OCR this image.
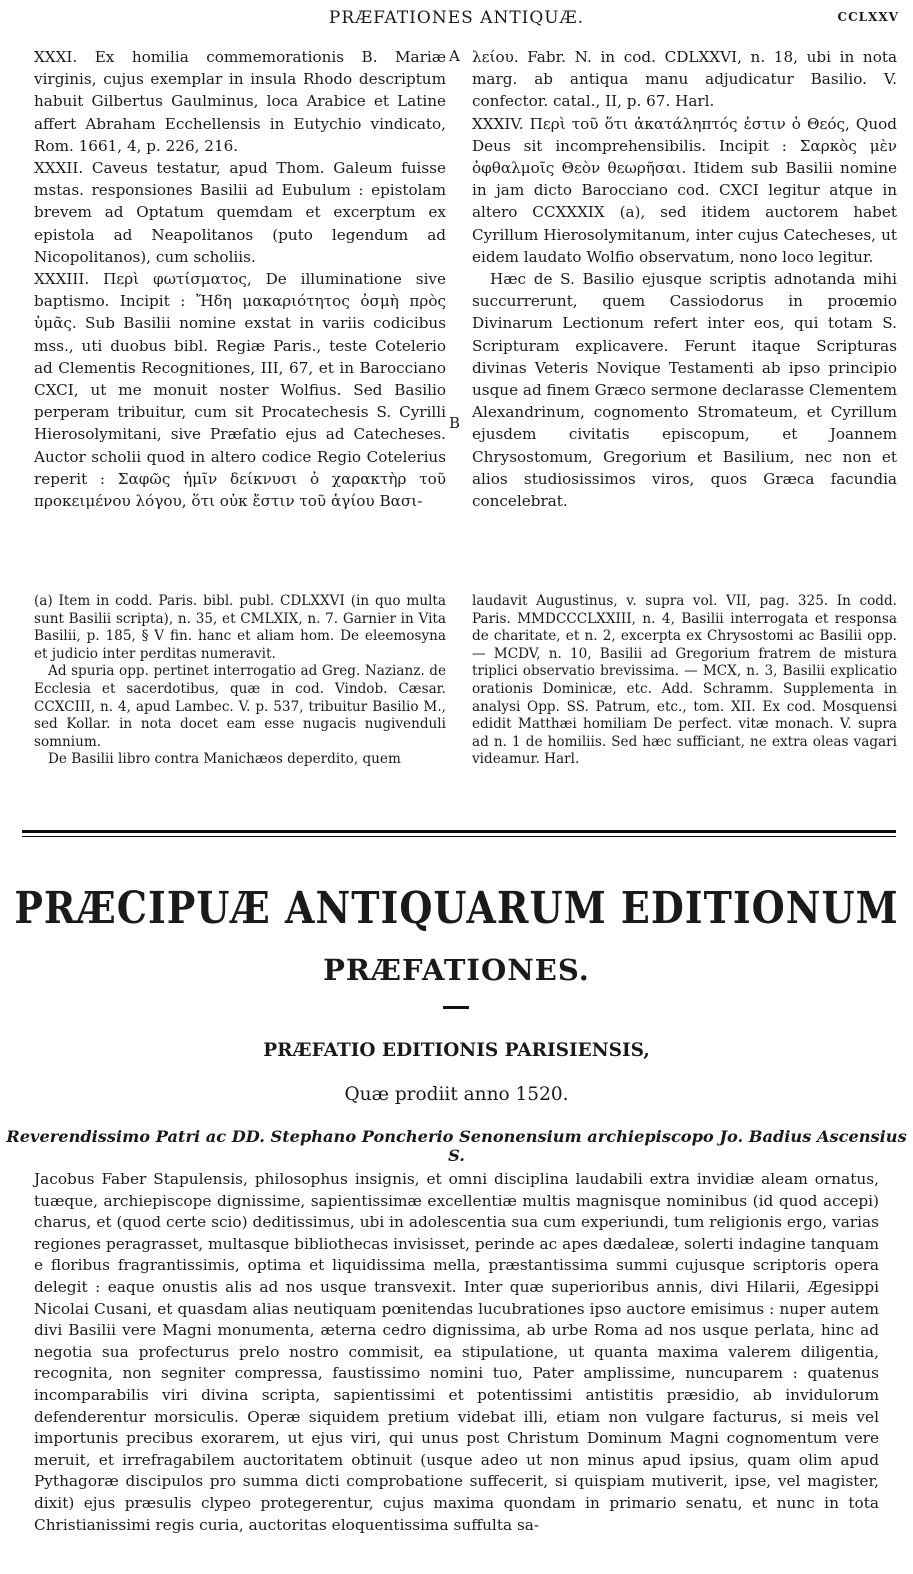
PRÆFATIONES ANTIQUÆ.	CCLXXV
A
B

XXXI. Ex homilia commemorationis B. Mariæ virginis, cujus exemplar in insula Rhodo descriptum habuit Gilbertus Gaulminus, loca Arabice et Latine affert Abraham Ecchellensis in Eutychio vindicato, Rom. 1661, 4, p. 226, 216.

XXXII. Caveus testatur, apud Thom. Galeum fuisse mstas. responsiones Basilii ad Eubulum : epistolam brevem ad Optatum quemdam et excerptum ex epistola ad Neapolitanos (puto legendum ad Nicopolitanos), cum scholiis.

XXXIII. Περὶ φωτίσματος, De illuminatione sive baptismo. Incipit : Ἤδη μακαριότητος ὀσμὴ πρὸς ὑμᾶς. Sub Basilii nomine exstat in variis codicibus mss., uti duobus bibl. Regiæ Paris., teste Cotelerio ad Clementis Recognitiones, III, 67, et in Barocciano CXCI, ut me monuit noster Wolfius. Sed Basilio perperam tribuitur, cum sit Procatechesis S. Cyrilli Hierosolymitani, sive Præfatio ejus ad Catecheses. Auctor scholii quod in altero codice Regio Cotelerius reperit : Σαφῶς ἡμῖν δείκνυσι ὁ χαρακτὴρ τοῦ προκειμένου λόγου, ὅτι οὐκ ἔστιν τοῦ ἁγίου Βασι-

λείου. Fabr. N. in cod. CDLXXVI, n. 18, ubi in nota marg. ab antiqua manu adjudicatur Basilio. V. confector. catal., II, p. 67. Harl.

XXXIV. Περὶ τοῦ ὅτι ἀκατάληπτός ἐστιν ὁ Θεός, Quod Deus sit incomprehensibilis. Incipit : Σαρκὸς μὲν ὀφθαλμοῖς Θεὸν θεωρῆσαι. Itidem sub Basilii nomine in jam dicto Barocciano cod. CXCI legitur atque in altero CCXXXIX (a), sed itidem auctorem habet Cyrillum Hierosolymitanum, inter cujus Catecheses, ut eidem laudato Wolfio observatum, nono loco legitur.

Hæc de S. Basilio ejusque scriptis adnotanda mihi succurrerunt, quem Cassiodorus in proœmio Divinarum Lectionum refert inter eos, qui totam S. Scripturam explicavere. Ferunt itaque Scripturas divinas Veteris Novique Testamenti ab ipso principio usque ad finem Græco sermone declarasse Clementem Alexandrinum, cognomento Stromateum, et Cyrillum ejusdem civitatis episcopum, et Joannem Chrysostomum, Gregorium et Basilium, nec non et alios studiosissimos viros, quos Græca facundia concelebrat.

(a) Item in codd. Paris. bibl. publ. CDLXXVI (in quo multa sunt Basilii scripta), n. 35, et CMLXIX, n. 7. Garnier in Vita Basilii, p. 185, § V fin. hanc et aliam hom. De eleemosyna et judicio inter perditas numeravit.

Ad spuria opp. pertinet interrogatio ad Greg. Nazianz. de Ecclesia et sacerdotibus, quæ in cod. Vindob. Cæsar. CCXCIII, n. 4, apud Lambec. V. p. 537, tribuitur Basilio M., sed Kollar. in nota docet eam esse nugacis nugivenduli somnium.

De Basilii libro contra Manichæos deperdito, quem

laudavit Augustinus, v. supra vol. VII, pag. 325. In codd. Paris. MMDCCCLXXIII, n. 4, Basilii interrogata et responsa de charitate, et n. 2, excerpta ex Chrysostomi ac Basilii opp. — MCDV, n. 10, Basilii ad Gregorium fratrem de mistura triplici observatio brevissima. — MCX, n. 3, Basilii explicatio orationis Dominicæ, etc. Add. Schramm. Supplementa in analysi Opp. SS. Patrum, etc., tom. XII. Ex cod. Mosquensi edidit Matthæi homiliam De perfect. vitæ monach. V. supra ad n. 1 de homiliis. Sed hæc sufficiant, ne extra oleas vagari videamur. Harl.

PRÆCIPUÆ ANTIQUARUM EDITIONUM
PRÆFATIONES.
PRÆFATIO EDITIONIS PARISIENSIS,
Quæ prodiit anno 1520.
Reverendissimo Patri ac DD. Stephano Poncherio Senonensium archiepiscopo Jo. Badius Ascensius S.

Jacobus Faber Stapulensis, philosophus insignis, et omni disciplina laudabili extra invidiæ aleam ornatus, tuæque, archiepiscope dignissime, sapientissimæ excellentiæ multis magnisque nominibus (id quod accepi) charus, et (quod certe scio) deditissimus, ubi in adolescentia sua cum experiundi, tum religionis ergo, varias regiones peragrasset, multasque bibliothecas invisisset, perinde ac apes dædaleæ, solerti indagine tanquam e floribus fragrantissimis, optima et liquidissima mella, præstantissima summi cujusque scriptoris opera delegit : eaque onustis alis ad nos usque transvexit. Inter quæ superioribus annis, divi Hilarii, Ægesippi Nicolai Cusani, et quasdam alias neutiquam pœnitendas lucubrationes ipso auctore emisimus : nuper autem divi Basilii vere Magni monumenta, æterna cedro dignissima, ab urbe Roma ad nos usque perlata, hinc ad negotia sua profecturus prelo nostro commisit, ea stipulatione, ut quanta maxima valerem diligentia, recognita, non segniter compressa, faustissimo nomini tuo, Pater amplissime, nuncuparem : quatenus incomparabilis viri divina scripta, sapientissimi et potentissimi antistitis præsidio, ab invidulorum defenderentur morsiculis. Operæ siquidem pretium videbat illi, etiam non vulgare facturus, si meis vel importunis precibus exorarem, ut ejus viri, qui unus post Christum Dominum Magni cognomentum vere meruit, et irrefragabilem auctoritatem obtinuit (usque adeo ut non minus apud ipsius, quam olim apud Pythagoræ discipulos pro summa dicti comprobatione suffecerit, si quispiam mutiverit, ipse, vel magister, dixit) ejus præsulis clypeo protegerentur, cujus maxima quondam in primario senatu, et nunc in tota Christianissimi regis curia, auctoritas eloquentissima suffulta sa-
